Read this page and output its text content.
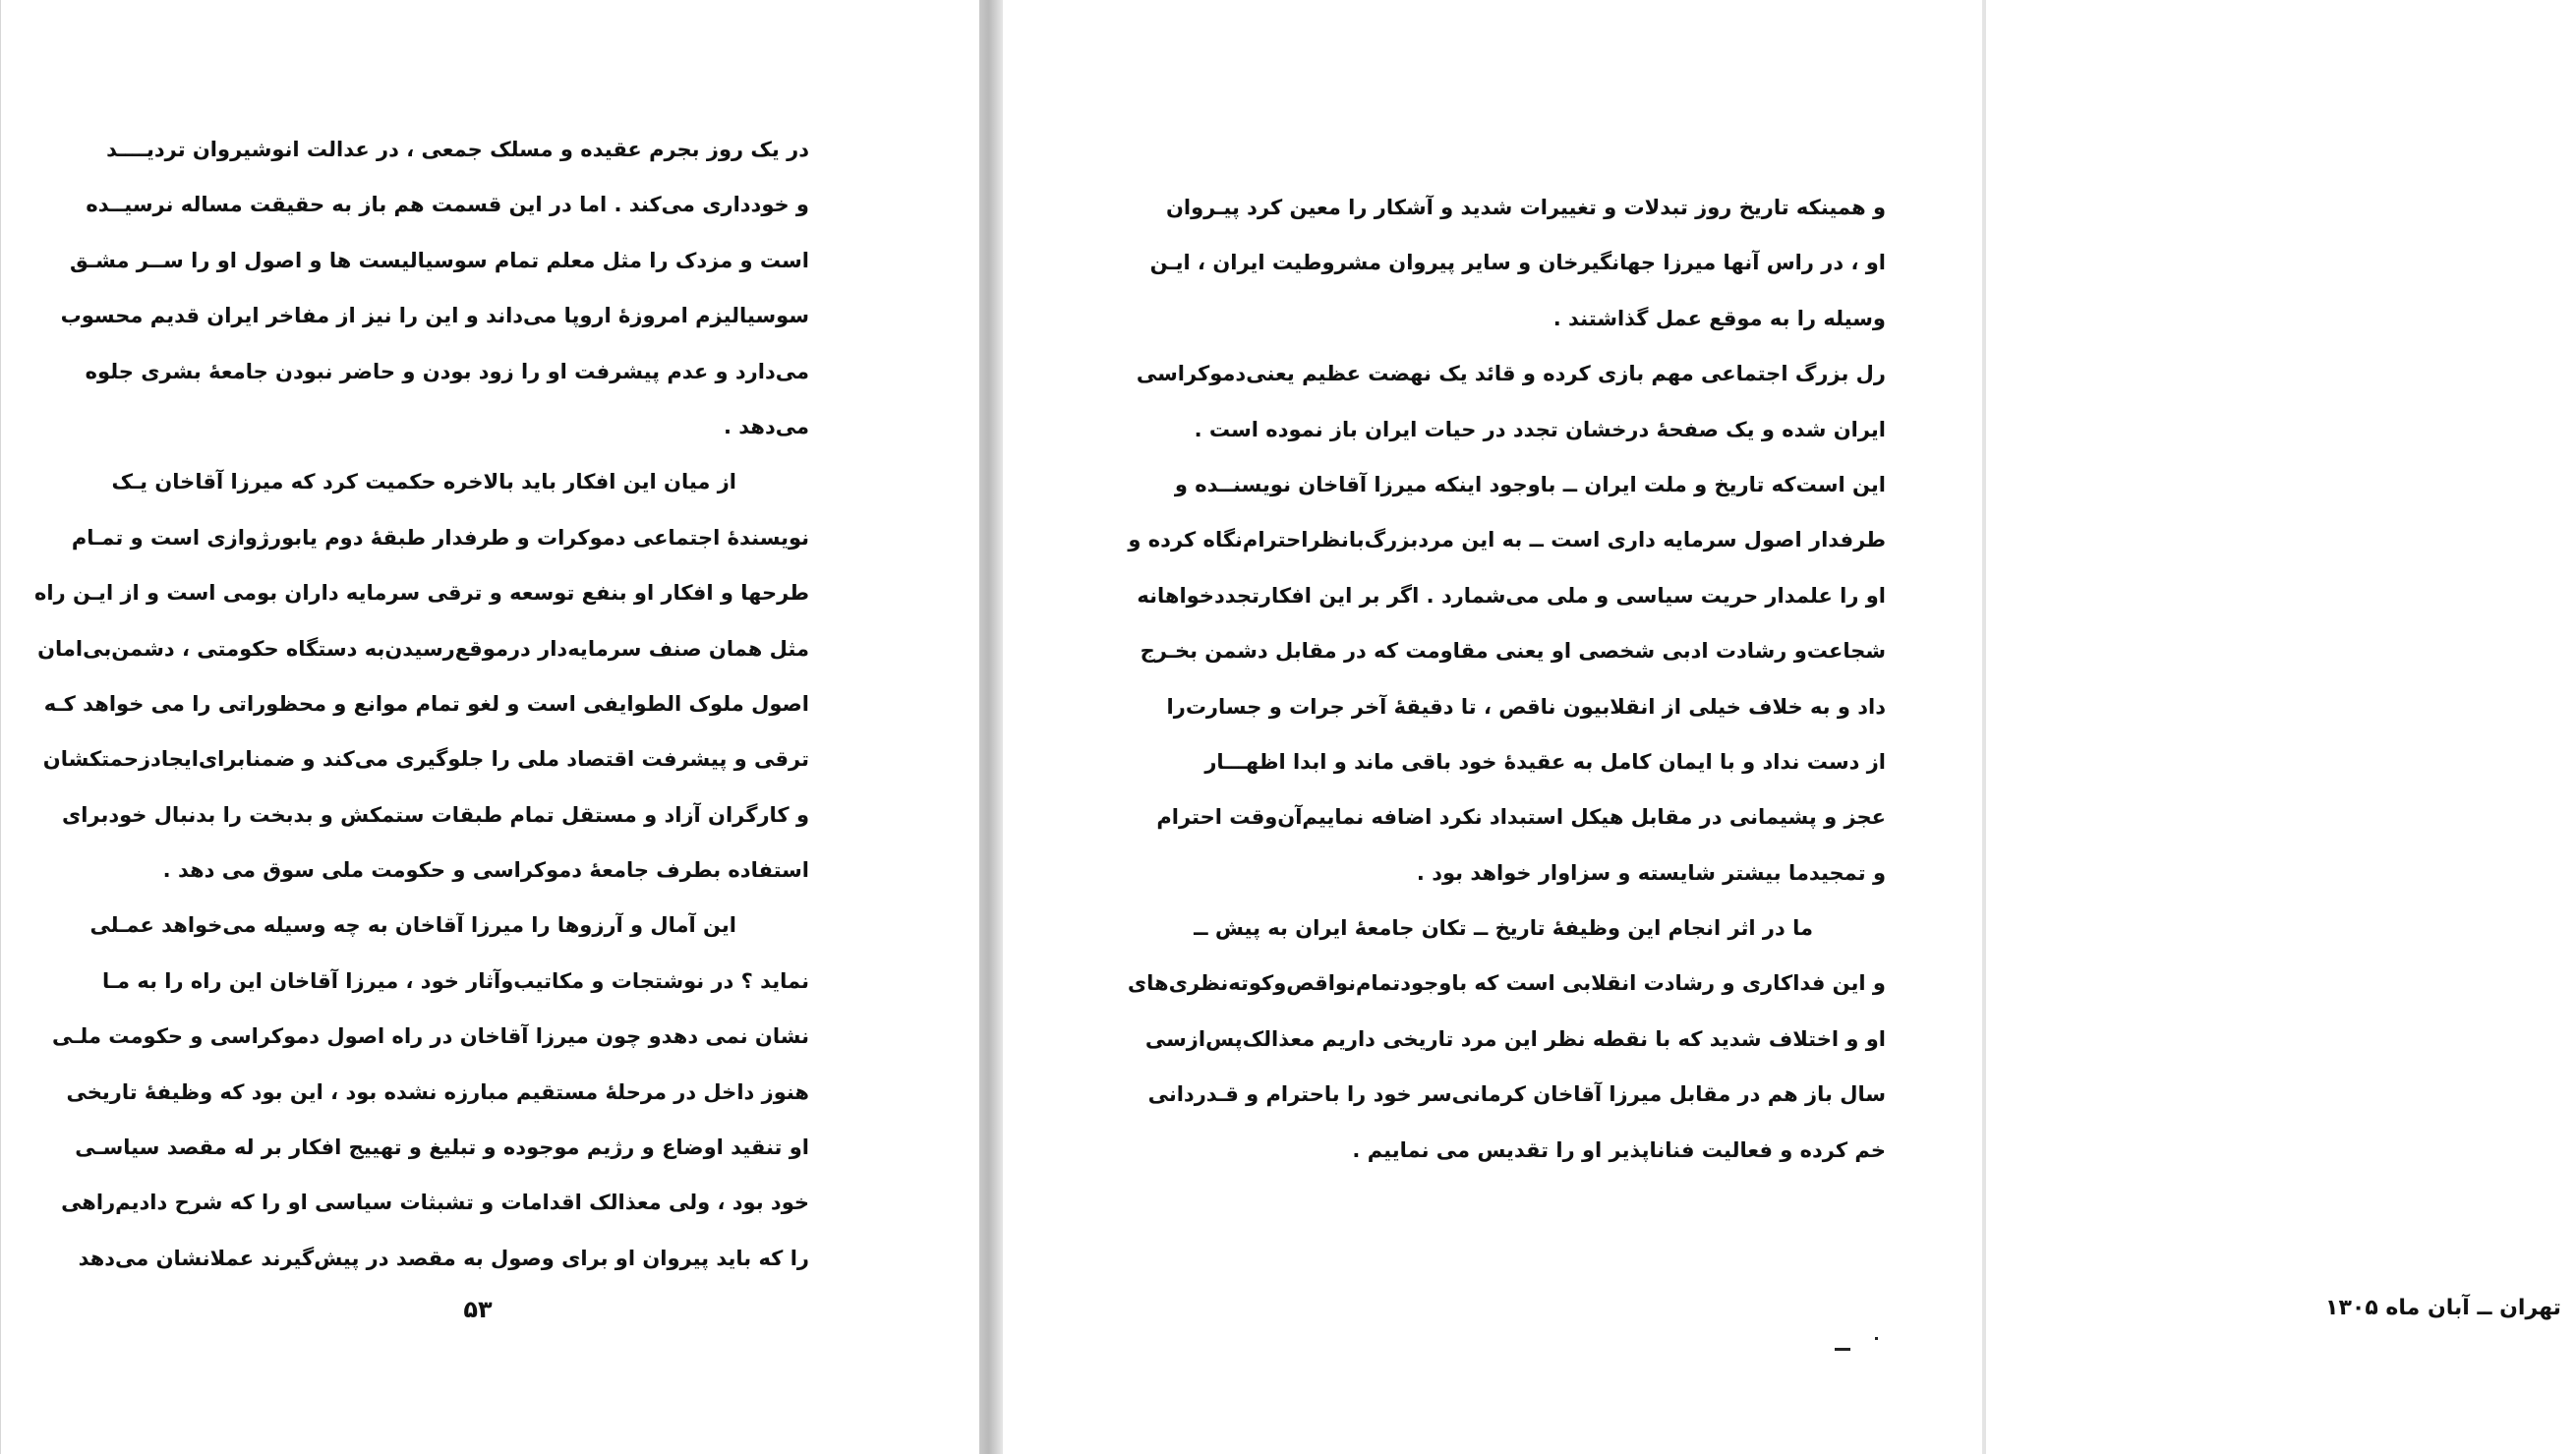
در یک روز بجرم عقیده و مسلک جمعی ، در عدالت انوشیروان تردیــــد
و خودداری می‌کند . اما در این قسمت هم باز به حقیقت مساله نرسیــده
است و مزدک را مثل معلم تمام سوسیالیست ها و اصول او را ســر مشـق
سوسیالیزم امروزه‌ٔ اروپا می‌داند و این را نیز از مفاخر ایران قدیم محسوب
می‌دارد و عدم پیشرفت او را زود بودن و حاضر نبودن جامعه‌ٔ بشری جلوه
می‌دهد .
از میان این افکار باید بالاخره حکمیت کرد که میرزا آقاخان یـک
نویسنده‌ٔ اجتماعی دموکرات و طرفدار طبقه‌ٔ دوم یابورژوازی است و تمـام
طرحها و افکار او بنفع توسعه و ترقی سرمایه داران بومی است و از ایـن راه
مثل همان صنف سرمایه‌دار درموقع‌رسیدن‌به دستگاه حکومتی ، دشمن‌بی‌امان
اصول ملوک الطوایفی است و لغو تمام موانع و محظوراتی را می خواهد کـه
ترقی و پیشرفت اقتصاد ملی را جلوگیری می‌کند و ضمنابرای‌ایجادزحمتکشان
و کارگران آزاد و مستقل تمام طبقات ستمکش و بدبخت را بدنبال خودبرای
استفاده بطرف جامعه‌ٔ دموکراسی و حکومت ملی سوق می دهد .
این آمال و آرزوها را میرزا آقاخان به چه وسیله می‌خواهد عمـلی
نماید ؟ در نوشتجات و مکاتیب‌وآثار خود ، میرزا آقاخان این راه را به مـا
نشان نمی دهدو چون میرزا آقاخان در راه اصول دموکراسی و حکومت ملـی
هنوز داخل در مرحله‌ٔ مستقیم مبارزه نشده بود ، این بود که وظیفه‌ٔ تاریخی
او تنقید اوضاع و رژیم موجوده و تبلیغ و تهییج افکار بر له مقصد سیاسـی
خود بود ، ولی معذالک اقدامات و تشبثات سیاسی او را که شرح دادیم‌راهی
را که باید پیروان او برای وصول به مقصد در پیش‌گیرند عملانشان می‌دهد
۵۳
و همینکه تاریخ روز تبدلات و تغییرات شدید و آشکار را معین کرد پیـروان
او ، در راس آنها میرزا جهانگیرخان و سایر پیروان مشروطیت ایران ، ایـن
وسیله را به موقع عمل گذاشتند .
رل بزرگ اجتماعی مهم بازی کرده و قائد یک نهضت عظیم یعنی‌دموکراسی
ایران شده و یک صفحه‌ٔ درخشان تجدد در حیات ایران باز نموده است .
این است‌که تاریخ و ملت ایران ــ باوجود اینکه میرزا آقاخان نویسنــده و
طرفدار اصول سرمایه داری است ــ به این مردبزرگ‌بانظراحترام‌نگاه کرده و
او را علمدار حریت سیاسی و ملی می‌شمارد . اگر بر این افکارتجددخواهانه
شجاعت‌و رشادت ادبی شخصی او یعنی مقاومت که در مقابل دشمن بخـرج
داد و به خلاف خیلی از انقلابیون ناقص ، تا دقیقه‌ٔ آخر جرات و جسارت‌را
از دست نداد و با ایمان کامل به عقیده‌ٔ خود باقی ماند و ابدا اظهـــار
عجز و پشیمانی در مقابل هیکل استبداد نکرد اضافه نماییم‌آن‌وقت احترام
و تمجیدما بیشتر شایسته و سزاوار خواهد بود .
ما در اثر انجام این وظیفه‌ٔ تاریخ ــ تکان جامعه‌ٔ ایران به پیش ــ
و این فداکاری و رشادت انقلابی است که باوجودتمام‌نواقص‌وکوته‌نظری‌های
او و اختلاف شدید که با نقطه نظر این مرد تاریخی داریم معذالک‌پس‌ازسی
سال باز هم در مقابل میرزا آقاخان کرمانی‌سر خود را باحترام و قـدردانی
خم کرده و فعالیت فناناپذیر او را تقدیس می نماییم .
تهران ــ آبان ماه ۱۳۰۵
